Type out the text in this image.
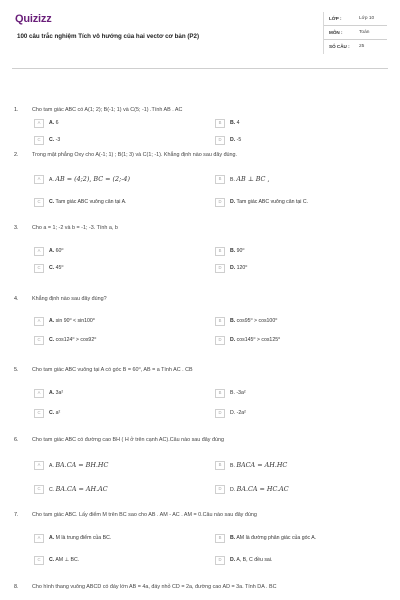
Quizizz
100 câu trắc nghiệm Tích vô hướng của hai vectơ cơ bản (P2)
LỚP :	Lớp 10
MÔN :	Toán
SỐ CÂU :	25
1.	Cho tam giác ABC có A(1; 2); B(-1; 1) và C(5; -1) .Tính AB . AC
A	A. 6	B	B. 4
C	C. -3	D	D. -5
2.	Trong mặt phẳng Oxy cho A(-1; 1) ; B(1; 3) và C(1; -1). Khẳng định nào sau đây đúng.
A	A. AB = (4;2), BC = (2;-4)	B	B. AB ⊥ BC ,
C	C. Tam giác ABC vuông cân tại A.	D	D. Tam giác ABC vuông cân tại C.
3.	Cho a = 1; -2 và b = -1; -3. Tính a, b
A	A. 60⁰	B	B. 90⁰
C	C. 45⁰	D	D. 120⁰
4.	Khẳng định nào sau đây đúng?
A	A. sin 90⁰ < sin100⁰	B	B. cos95⁰ > cos100⁰
C	C. cos124⁰ > cos92⁰	D	D. cos145⁰ > cos125⁰
5.	Cho tam giác ABC vuông tại A có góc B = 60⁰, AB = a Tính AC . CB
A	A. 3a²	B	B. -3a²
C	C. a²	D	D. -2a²
6.	Cho tam giác ABC có đường cao BH ( H ở trên cạnh AC).Câu nào sau đây đúng
A	A. BA.CA = BH.HC	B	B. BACA = AH.HC
C	C. BA.CA = AH.AC	D	D. BA.CA = HC.AC
7.	Cho tam giác ABC. Lấy điểm M trên BC sao cho AB . AM - AC . AM = 0.Câu nào sau đây đúng
A	A. M là trung điểm của BC.	B	B. AM là đường phân giác của góc A.
C	C. AM ⊥ BC.	D	D. A, B, C đều sai.
8.	Cho hình thang vuông ABCD có đáy lớn AB = 4a, đáy nhỏ CD = 2a, đường cao AD = 3a. Tính DA . BC
